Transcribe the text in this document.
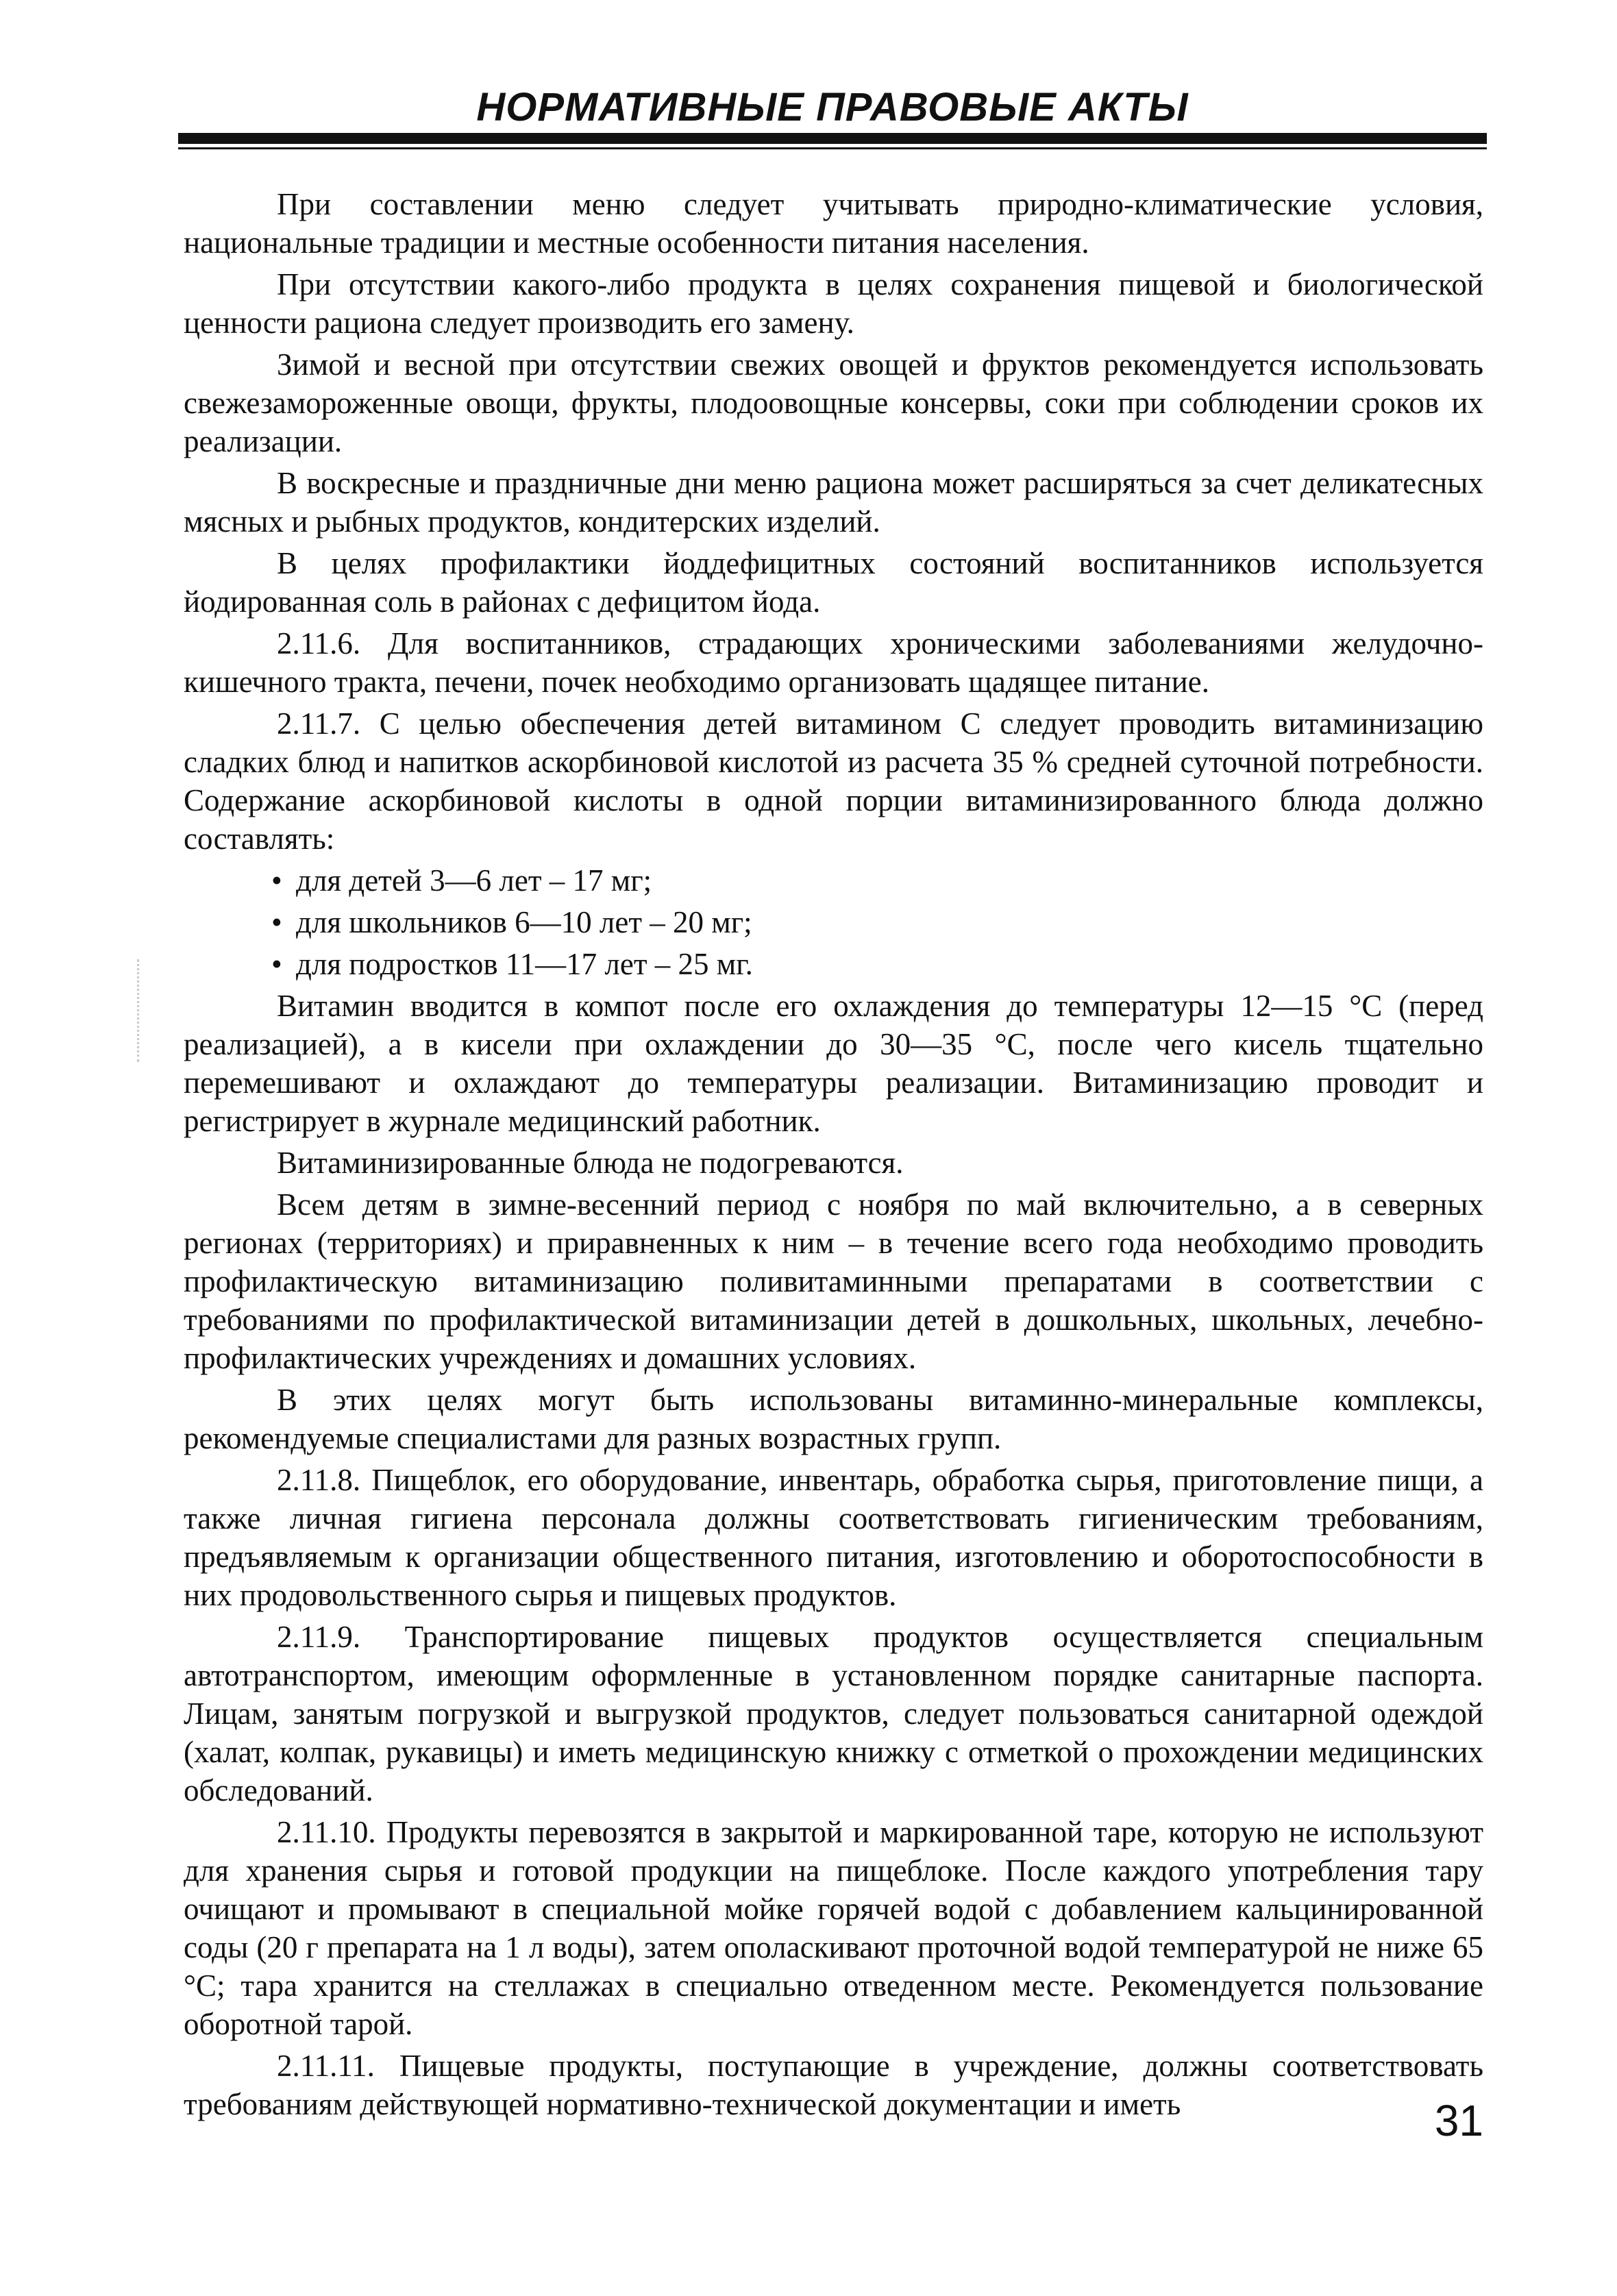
НОРМАТИВНЫЕ ПРАВОВЫЕ АКТЫ

При составлении меню следует учитывать природно-климатические условия, национальные традиции и местные особенности питания населения.

При отсутствии какого-либо продукта в целях сохранения пищевой и биологической ценности рациона следует производить его замену.

Зимой и весной при отсутствии свежих овощей и фруктов рекомендуется использовать свежезамороженные овощи, фрукты, плодоовощные консервы, соки при соблюдении сроков их реализации.

В воскресные и праздничные дни меню рациона может расширяться за счет деликатесных мясных и рыбных продуктов, кондитерских изделий.

В целях профилактики йоддефицитных состояний воспитанников используется йодированная соль в районах с дефицитом йода.

2.11.6. Для воспитанников, страдающих хроническими заболеваниями желудочно-кишечного тракта, печени, почек необходимо организовать щадящее питание.

2.11.7. С целью обеспечения детей витамином С следует проводить витаминизацию сладких блюд и напитков аскорбиновой кислотой из расчета 35 % средней суточной потребности. Содержание аскорбиновой кислоты в одной порции витаминизированного блюда должно составлять:

• для детей 3—6 лет – 17 мг;
• для школьников 6—10 лет – 20 мг;
• для подростков 11—17 лет – 25 мг.

Витамин вводится в компот после его охлаждения до температуры 12—15 °С (перед реализацией), а в кисели при охлаждении до 30—35 °С, после чего кисель тщательно перемешивают и охлаждают до температуры реализации. Витаминизацию проводит и регистрирует в журнале медицинский работник.

Витаминизированные блюда не подогреваются.

Всем детям в зимне-весенний период с ноября по май включительно, а в северных регионах (территориях) и приравненных к ним – в течение всего года необходимо проводить профилактическую витаминизацию поливитаминными препаратами в соответствии с требованиями по профилактической витаминизации детей в дошкольных, школьных, лечебно-профилактических учреждениях и домашних условиях.

В этих целях могут быть использованы витаминно-минеральные комплексы, рекомендуемые специалистами для разных возрастных групп.

2.11.8. Пищеблок, его оборудование, инвентарь, обработка сырья, приготовление пищи, а также личная гигиена персонала должны соответствовать гигиеническим требованиям, предъявляемым к организации общественного питания, изготовлению и оборотоспособности в них продовольственного сырья и пищевых продуктов.

2.11.9. Транспортирование пищевых продуктов осуществляется специальным автотранспортом, имеющим оформленные в установленном порядке санитарные паспорта. Лицам, занятым погрузкой и выгрузкой продуктов, следует пользоваться санитарной одеждой (халат, колпак, рукавицы) и иметь медицинскую книжку с отметкой о прохождении медицинских обследований.

2.11.10. Продукты перевозятся в закрытой и маркированной таре, которую не используют для хранения сырья и готовой продукции на пищеблоке. После каждого употребления тару очищают и промывают в специальной мойке горячей водой с добавлением кальцинированной соды (20 г препарата на 1 л воды), затем ополаскивают проточной водой температурой не ниже 65 °С; тара хранится на стеллажах в специально отведенном месте. Рекомендуется пользование оборотной тарой.

2.11.11. Пищевые продукты, поступающие в учреждение, должны соответствовать требованиям действующей нормативно-технической документации и иметь	31
